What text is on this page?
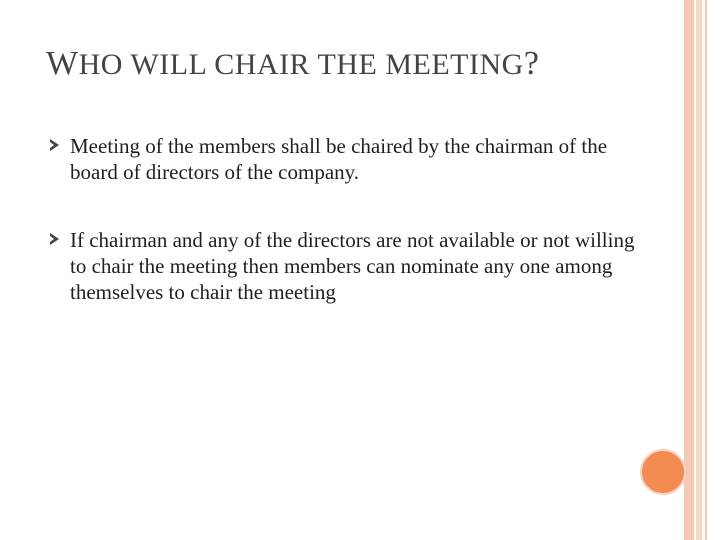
WHO WILL CHAIR THE MEETING?
Meeting of the members shall be chaired by the chairman of the board of directors of the company.
If chairman and any of the directors are not available or not willing to chair the meeting then members can nominate any one among themselves to chair the meeting
